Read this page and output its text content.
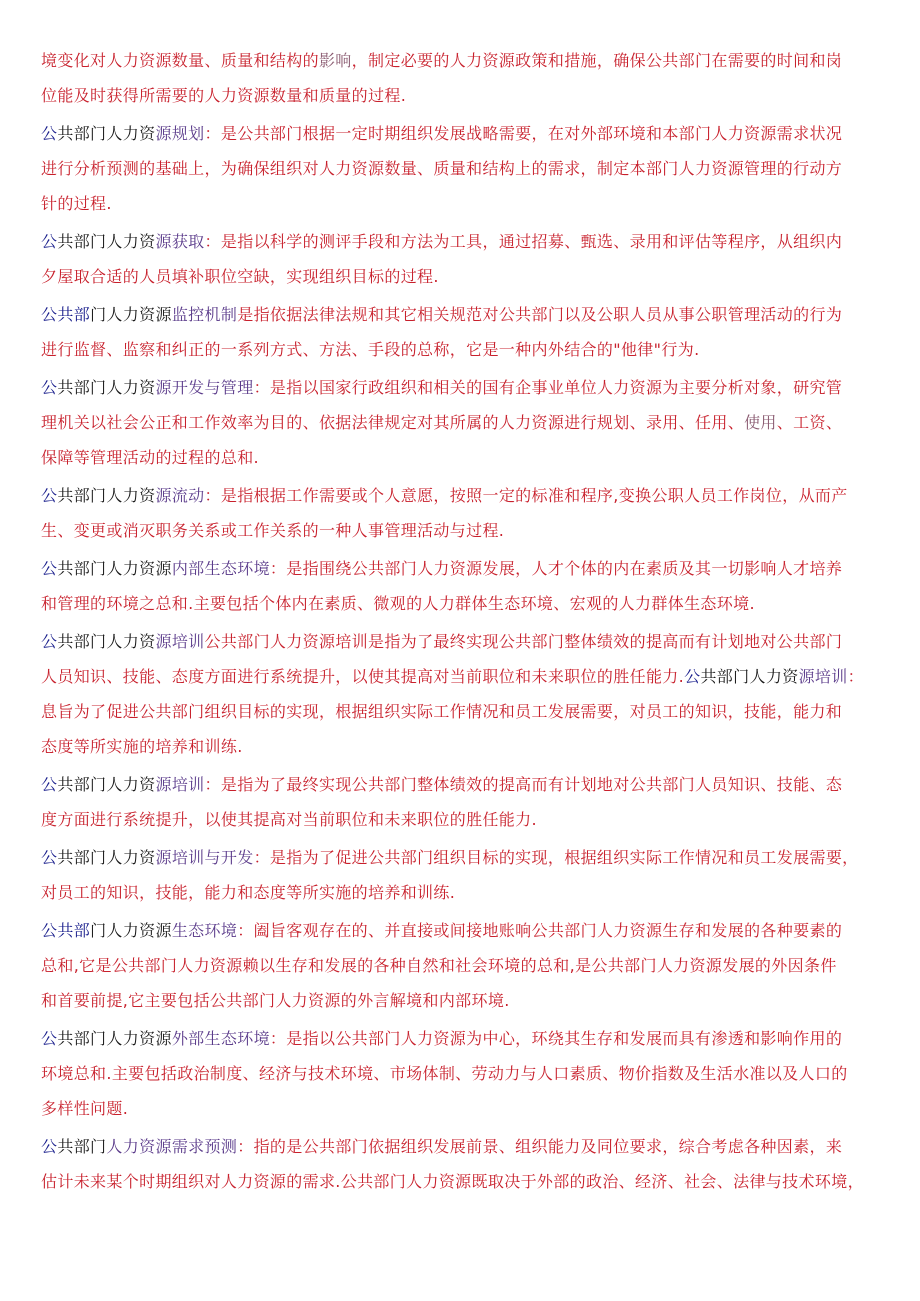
境变化对人力资源数量、质量和结构的影响，制定必要的人力资源政策和措施，确保公共部门在需要的时间和岗
位能及时获得所需要的人力资源数量和质量的过程.
公共部门人力资源规划：是公共部门根据一定时期组织发展战略需要，在对外部环境和本部门人力资源需求状况
进行分析预测的基础上，为确保组织对人力资源数量、质量和结构上的需求，制定本部门人力资源管理的行动方
针的过程.
公共部门人力资源获取：是指以科学的测评手段和方法为工具，通过招募、甄选、录用和评估等程序，从组织内
夕屋取合适的人员填补职位空缺，实现组织目标的过程.
公共部门人力资源监控机制是指依据法律法规和其它相关规范对公共部门以及公职人员从事公职管理活动的行为
进行监督、监察和纠正的一系列方式、方法、手段的总称，它是一种内外结合的"他律"行为.
公共部门人力资源开发与管理：是指以国家行政组织和相关的国有企事业单位人力资源为主要分析对象，研究管
理机关以社会公正和工作效率为目的、依据法律规定对其所属的人力资源进行规划、录用、任用、使用、工资、
保障等管理活动的过程的总和.
公共部门人力资源流动：是指根据工作需要或个人意愿，按照一定的标准和程序,变换公职人员工作岗位，从而产
生、变更或消灭职务关系或工作关系的一种人事管理活动与过程.
公共部门人力资源内部生态环境：是指围绕公共部门人力资源发展，人才个体的内在素质及其一切影响人才培养
和管理的环境之总和.主要包括个体内在素质、微观的人力群体生态环境、宏观的人力群体生态环境.
公共部门人力资源培训公共部门人力资源培训是指为了最终实现公共部门整体绩效的提高而有计划地对公共部门
人员知识、技能、态度方面进行系统提升，以使其提高对当前职位和未来职位的胜任能力.公共部门人力资源培训：
息旨为了促进公共部门组织目标的实现，根据组织实际工作情况和员工发展需要，对员工的知识，技能，能力和
态度等所实施的培养和训练.
公共部门人力资源培训：是指为了最终实现公共部门整体绩效的提高而有计划地对公共部门人员知识、技能、态
度方面进行系统提升，以使其提高对当前职位和未来职位的胜任能力.
公共部门人力资源培训与开发：是指为了促进公共部门组织目标的实现，根据组织实际工作情况和员工发展需要，
对员工的知识，技能，能力和态度等所实施的培养和训练.
公共部门人力资源生态环境：阖旨客观存在的、并直接或间接地账响公共部门人力资源生存和发展的各种要素的
总和,它是公共部门人力资源赖以生存和发展的各种自然和社会环境的总和,是公共部门人力资源发展的外因条件
和首要前提,它主要包括公共部门人力资源的外言解境和内部环境.
公共部门人力资源外部生态环境：是指以公共部门人力资源为中心，环绕其生存和发展而具有渗透和影响作用的
环境总和.主要包括政治制度、经济与技术环境、市场体制、劳动力与人口素质、物价指数及生活水准以及人口的
多样性问题.
公共部门人力资源需求预测：指的是公共部门依据组织发展前景、组织能力及同位要求，综合考虑各种因素，来
估计未来某个时期组织对人力资源的需求.公共部门人力资源既取决于外部的政治、经济、社会、法律与技术环境，
